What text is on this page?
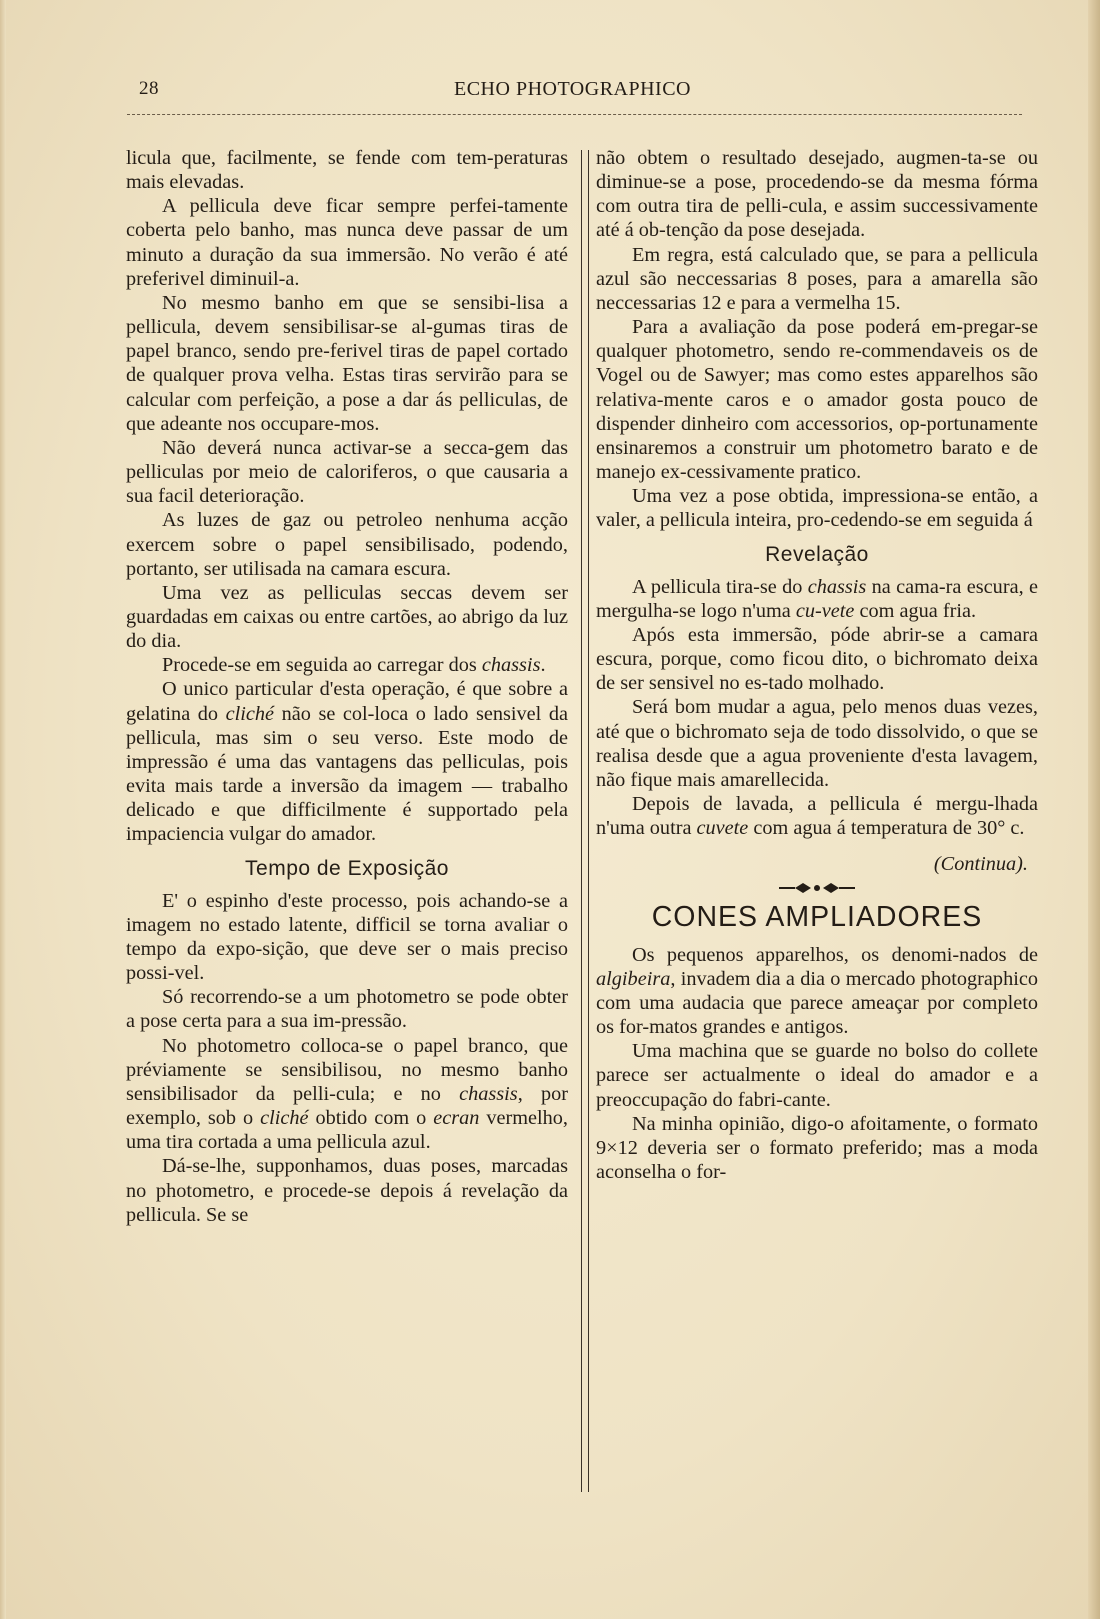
28	ECHO PHOTOGRAPHICO

licula que, facilmente, se fende com tem-peraturas mais elevadas.

A pellicula deve ficar sempre perfei-tamente coberta pelo banho, mas nunca deve passar de um minuto a duração da sua immersão. No verão é até preferivel diminuil-a.

No mesmo banho em que se sensibi-lisa a pellicula, devem sensibilisar-se al-gumas tiras de papel branco, sendo pre-ferivel tiras de papel cortado de qualquer prova velha. Estas tiras servirão para se calcular com perfeição, a pose a dar ás pelliculas, de que adeante nos occupare-mos.

Não deverá nunca activar-se a secca-gem das pelliculas por meio de caloriferos, o que causaria a sua facil deterioração.

As luzes de gaz ou petroleo nenhuma acção exercem sobre o papel sensibilisado, podendo, portanto, ser utilisada na camara escura.

Uma vez as pelliculas seccas devem ser guardadas em caixas ou entre cartões, ao abrigo da luz do dia.

Procede-se em seguida ao carregar dos chassis.

O unico particular d'esta operação, é que sobre a gelatina do cliché não se col-loca o lado sensivel da pellicula, mas sim o seu verso. Este modo de impressão é uma das vantagens das pelliculas, pois evita mais tarde a inversão da imagem — trabalho delicado e que difficilmente é supportado pela impaciencia vulgar do amador.

Tempo de Exposição

E' o espinho d'este processo, pois achando-se a imagem no estado latente, difficil se torna avaliar o tempo da expo-sição, que deve ser o mais preciso possi-vel.

Só recorrendo-se a um photometro se pode obter a pose certa para a sua im-pressão.

No photometro colloca-se o papel branco, que préviamente se sensibilisou, no mesmo banho sensibilisador da pelli-cula; e no chassis, por exemplo, sob o cliché obtido com o ecran vermelho, uma tira cortada a uma pellicula azul.

Dá-se-lhe, supponhamos, duas poses, marcadas no photometro, e procede-se depois á revelação da pellicula. Se se

não obtem o resultado desejado, augmen-ta-se ou diminue-se a pose, procedendo-se da mesma fórma com outra tira de pelli-cula, e assim successivamente até á ob-tenção da pose desejada.

Em regra, está calculado que, se para a pellicula azul são neccessarias 8 poses, para a amarella são neccessarias 12 e para a vermelha 15.

Para a avaliação da pose poderá em-pregar-se qualquer photometro, sendo re-commendaveis os de Vogel ou de Sawyer; mas como estes apparelhos são relativa-mente caros e o amador gosta pouco de dispender dinheiro com accessorios, op-portunamente ensinaremos a construir um photometro barato e de manejo ex-cessivamente pratico.

Uma vez a pose obtida, impressiona-se então, a valer, a pellicula inteira, pro-cedendo-se em seguida á

Revelação

A pellicula tira-se do chassis na cama-ra escura, e mergulha-se logo n'uma cu-vete com agua fria.

Após esta immersão, póde abrir-se a camara escura, porque, como ficou dito, o bichromato deixa de ser sensivel no es-tado molhado.

Será bom mudar a agua, pelo menos duas vezes, até que o bichromato seja de todo dissolvido, o que se realisa desde que a agua proveniente d'esta lavagem, não fique mais amarellecida.

Depois de lavada, a pellicula é mergu-lhada n'uma outra cuvete com agua á temperatura de 30° c.

(Continua).
CONES AMPLIADORES

Os pequenos apparelhos, os denomi-nados de algibeira, invadem dia a dia o mercado photographico com uma audacia que parece ameaçar por completo os for-matos grandes e antigos.

Uma machina que se guarde no bolso do collete parece ser actualmente o ideal do amador e a preoccupação do fabri-cante.

Na minha opinião, digo-o afoitamente, o formato 9×12 deveria ser o formato preferido; mas a moda aconselha o for-
